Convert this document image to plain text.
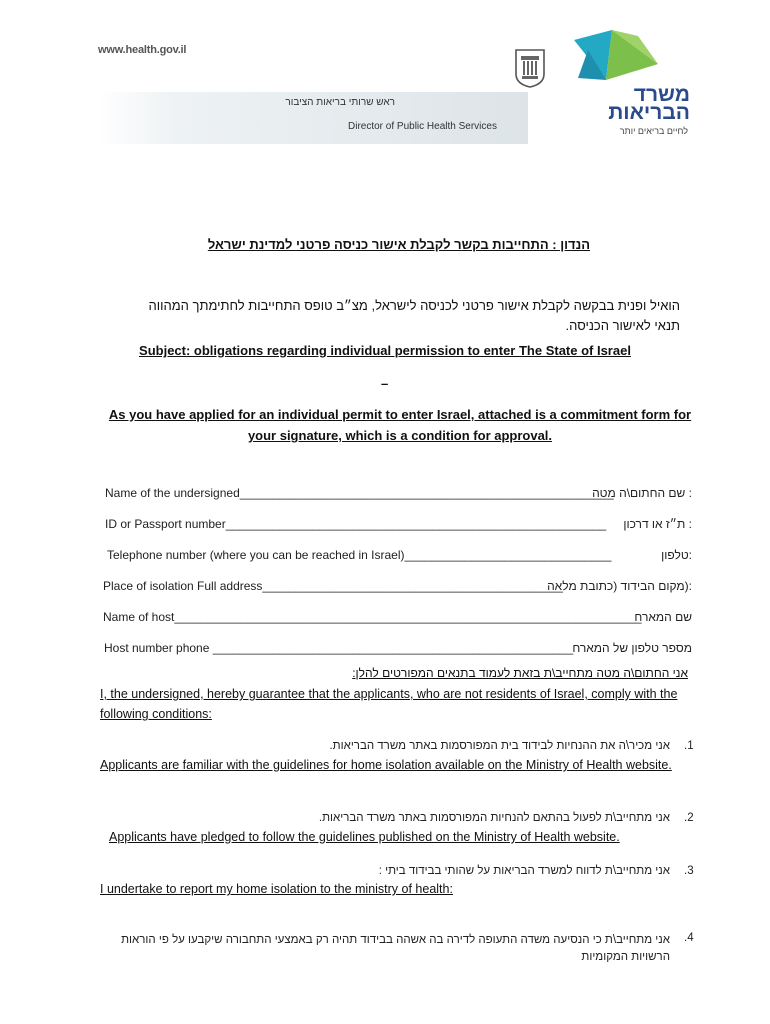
www.health.gov.il
ראש שרותי בריאות הציבור
Director of Public Health Services
משרד
הבריאות
לחיים בריאים יותר
הנדון : התחייבות בקשר לקבלת אישור כניסה פרטני למדינת ישראל
הואיל ופנית בבקשה לקבלת אישור פרטני לכניסה לישראל, מצ״ב טופס התחייבות לחתימתך המהווה תנאי לאישור הכניסה.
Subject: obligations regarding individual permission to enter The State of Israel
–
As you have applied for an individual permit to enter Israel, attached is a commitment form for your signature, which is a condition for approval.
Name of the undersigned________________________________________________________
: שם החתום\ה מטה
ID or Passport number_________________________________________________________ : ת״ז או דרכון
Telephone number (where you can be reached in Israel)_______________________________	:טלפון
Place of isolation Full address_____________________________________________
:(מקום הבידוד (כתובת מלאה
Name of host______________________________________________________________________
שם המארח
Host number phone ______________________________________________________ מספר טלפון של המארח
אני החתום\ה מטה מתחייב\ת בזאת לעמוד בתנאים המפורטים להלן:
I, the undersigned, hereby guarantee that the applicants, who are not residents of Israel, comply with the following conditions:
.1
אני מכיר\ה את ההנחיות לבידוד בית המפורסמות באתר משרד הבריאות.
Applicants are familiar with the guidelines for home isolation available on the Ministry of Health website.
.2
אני מתחייב\ת לפעול בהתאם להנחיות המפורסמות באתר משרד הבריאות.
Applicants have pledged to follow the guidelines published on the Ministry of Health website.
.3
אני מתחייב\ת לדווח למשרד הבריאות על שהותי בבידוד ביתי :
I undertake to report my home isolation to the ministry of health:
.4
אני מתחייב\ת כי הנסיעה משדה התעופה לדירה בה אשהה בבידוד תהיה רק באמצעי התחבורה שיקבעו על פי הוראות הרשויות המקומיות
